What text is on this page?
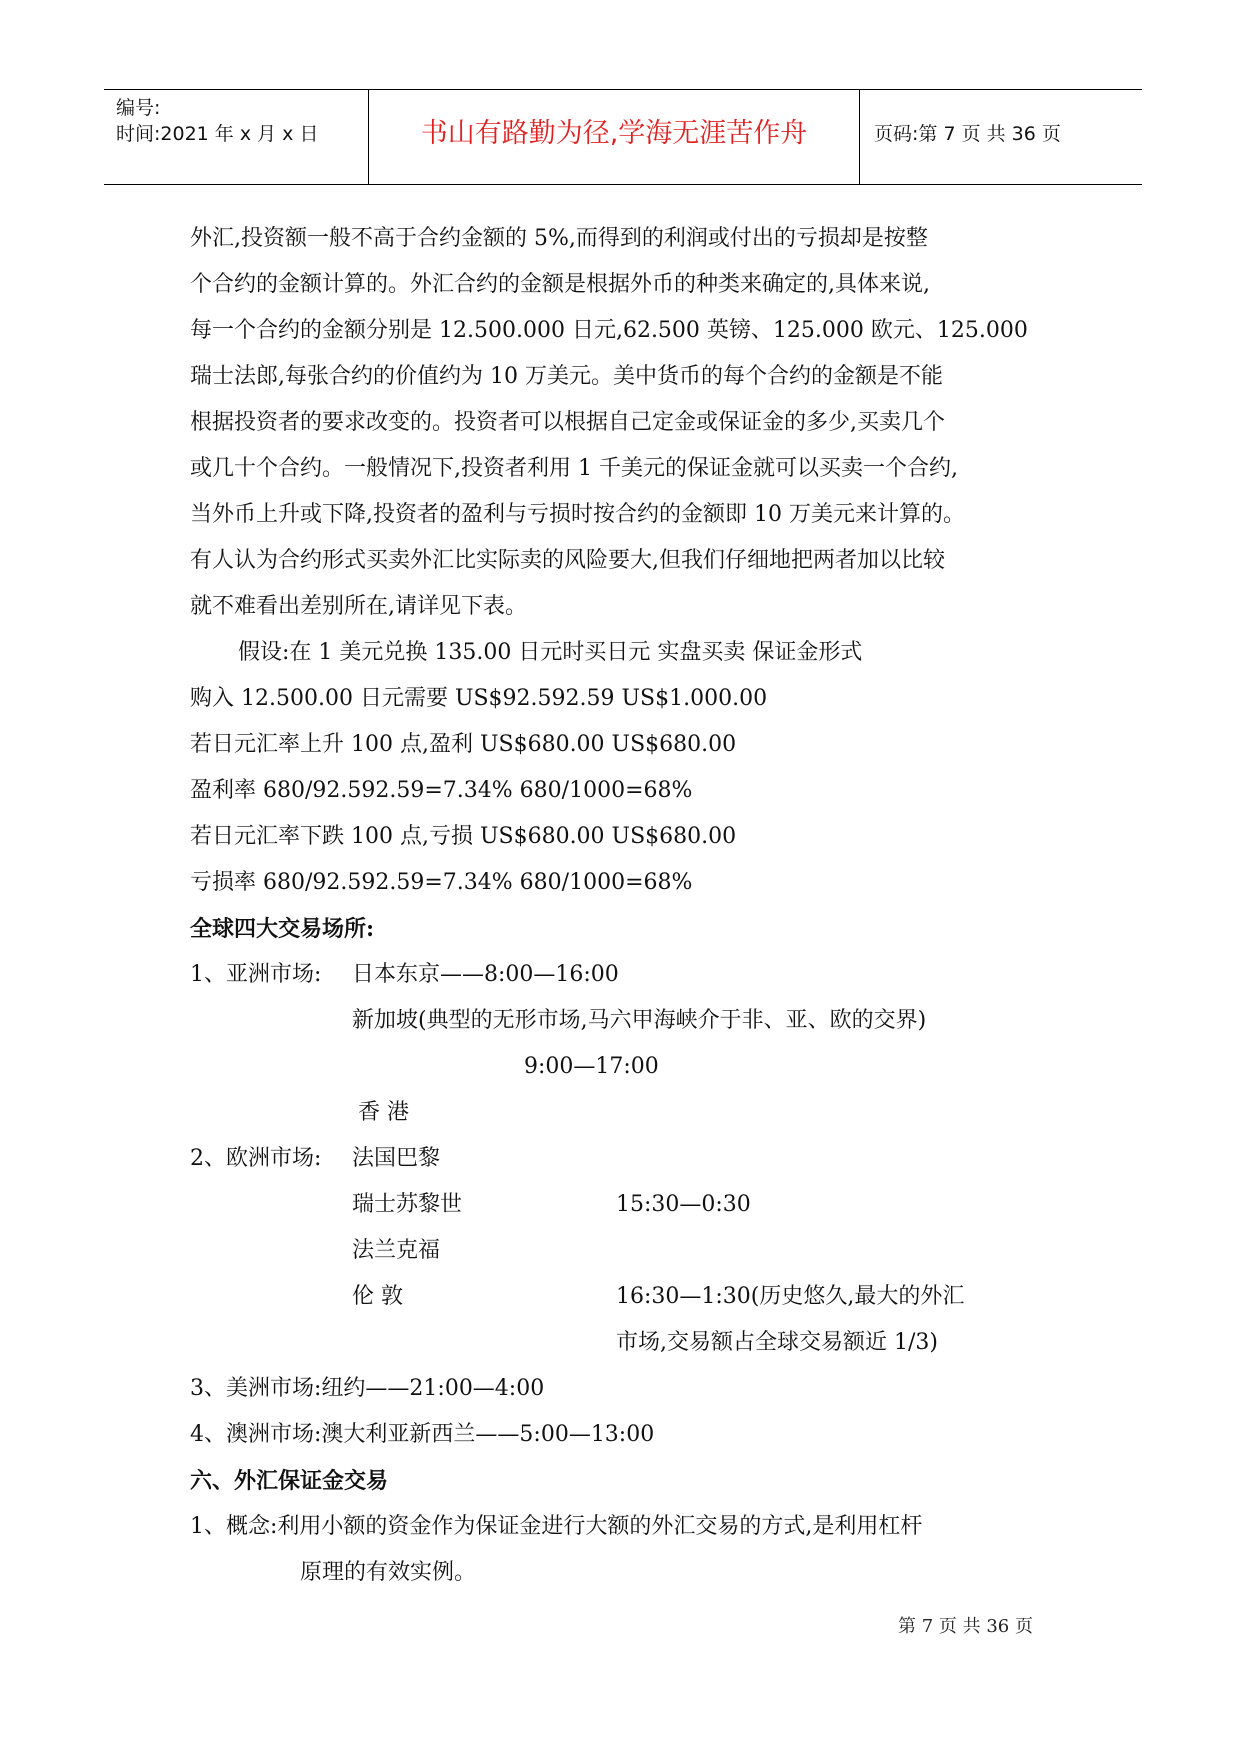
编号:
时间:2021 年 x 月 x 日	书山有路勤为径,学海无涯苦作舟	页码:第 7 页 共 36 页
外汇,投资额一般不高于合约金额的 5%,而得到的利润或付出的亏损却是按整
个合约的金额计算的。外汇合约的金额是根据外币的种类来确定的,具体来说,
每一个合约的金额分别是 12.500.000 日元,62.500 英镑、125.000 欧元、125.000
瑞士法郎,每张合约的价值约为 10 万美元。美中货币的每个合约的金额是不能
根据投资者的要求改变的。投资者可以根据自己定金或保证金的多少,买卖几个
或几十个合约。一般情况下,投资者利用 1 千美元的保证金就可以买卖一个合约,
当外币上升或下降,投资者的盈利与亏损时按合约的金额即 10 万美元来计算的。
有人认为合约形式买卖外汇比实际卖的风险要大,但我们仔细地把两者加以比较
就不难看出差别所在,请详见下表。
假设:在 1 美元兑换 135.00 日元时买日元 实盘买卖 保证金形式
购入 12.500.00 日元需要 US$92.592.59 US$1.000.00
若日元汇率上升 100 点,盈利 US$680.00 US$680.00
盈利率 680/92.592.59=7.34% 680/1000=68%
若日元汇率下跌 100 点,亏损 US$680.00 US$680.00
亏损率 680/92.592.59=7.34% 680/1000=68%
全球四大交易场所:
1、亚洲市场: 日本东京——8:00—16:00
新加坡(典型的无形市场,马六甲海峡介于非、亚、欧的交界)
9:00—17:00
香 港
2、欧洲市场: 法国巴黎
瑞士苏黎世	15:30—0:30
法兰克福
伦 敦	16:30—1:30(历史悠久,最大的外汇
市场,交易额占全球交易额近 1/3)
3、美洲市场:纽约——21:00—4:00
4、澳洲市场:澳大利亚新西兰——5:00—13:00
六、外汇保证金交易
1、概念:利用小额的资金作为保证金进行大额的外汇交易的方式,是利用杠杆
原理的有效实例。
第 7 页 共 36 页
